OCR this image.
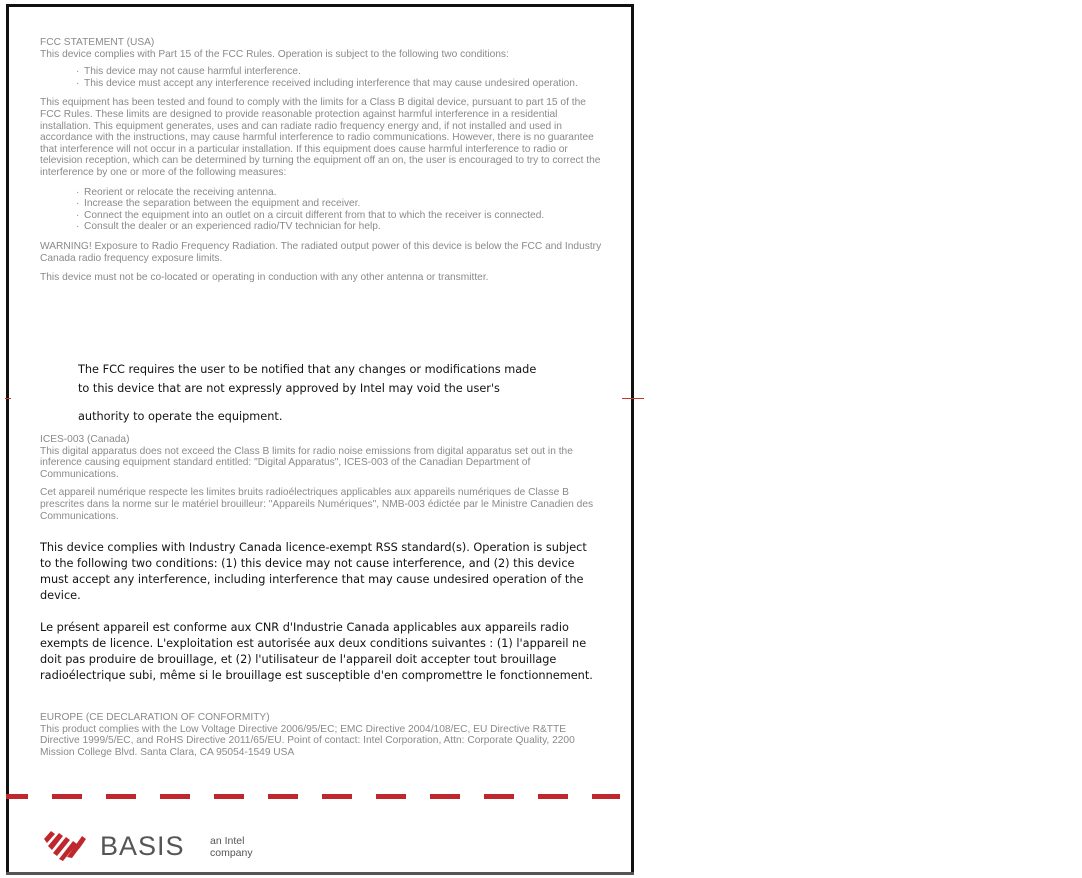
FCC STATEMENT (USA)

This device complies with Part 15 of the FCC Rules. Operation is subject to the following two conditions:

· This device may not cause harmful interference.
· This device must accept any interference received including interference that may cause undesired operation.

This equipment has been tested and found to comply with the limits for a Class B digital device, pursuant to part 15 of the FCC Rules. These limits are designed to provide reasonable protection against harmful interference in a residential installation. This equipment generates, uses and can radiate radio frequency energy and, if not installed and used in accordance with the instructions, may cause harmful interference to radio communications. However, there is no guarantee that interference will not occur in a particular installation. If this equipment does cause harmful interference to radio or television reception, which can be determined by turning the equipment off an on, the user is encouraged to try to correct the interference by one or more of the following measures:

· Reorient or relocate the receiving antenna.
· Increase the separation between the equipment and receiver.
· Connect the equipment into an outlet on a circuit different from that to which the receiver is connected.
· Consult the dealer or an experienced radio/TV technician for help.

WARNING! Exposure to Radio Frequency Radiation. The radiated output power of this device is below the FCC and Industry Canada radio frequency exposure limits.

This device must not be co-located or operating in conduction with any other antenna or transmitter.

The FCC requires the user to be notified that any changes or modifications made

to this device that are not expressly approved by Intel may void the user's

authority to operate the equipment.

ICES-003 (Canada)

This digital apparatus does not exceed the Class B limits for radio noise emissions from digital apparatus set out in the inference causing equipment standard entitled: "Digital Apparatus", ICES-003 of the Canadian Department of Communications.

Cet appareil numérique respecte les limites bruits radioélectriques applicables aux appareils numériques de Classe B prescrites dans la norme sur le matériel brouilleur: "Appareils Numériques", NMB-003 édictée par le Ministre Canadien des Communications.

This device complies with Industry Canada licence-exempt RSS standard(s). Operation is subject to the following two conditions: (1) this device may not cause interference, and (2) this device must accept any interference, including interference that may cause undesired operation of the device.

Le présent appareil est conforme aux CNR d'Industrie Canada applicables aux appareils radio exempts de licence. L'exploitation est autorisée aux deux conditions suivantes : (1) l'appareil ne doit pas produire de brouillage, et (2) l'utilisateur de l'appareil doit accepter tout brouillage radioélectrique subi, même si le brouillage est susceptible d'en compromettre le fonctionnement.

EUROPE (CE DECLARATION OF CONFORMITY)

This product complies with the Low Voltage Directive 2006/95/EC; EMC Directive 2004/108/EC, EU Directive R&TTE Directive 1999/5/EC, and RoHS Directive 2011/65/EU. Point of contact: Intel Corporation, Attn: Corporate Quality, 2200 Mission College Blvd. Santa Clara, CA 95054-1549 USA

BASIS an Intel
company
